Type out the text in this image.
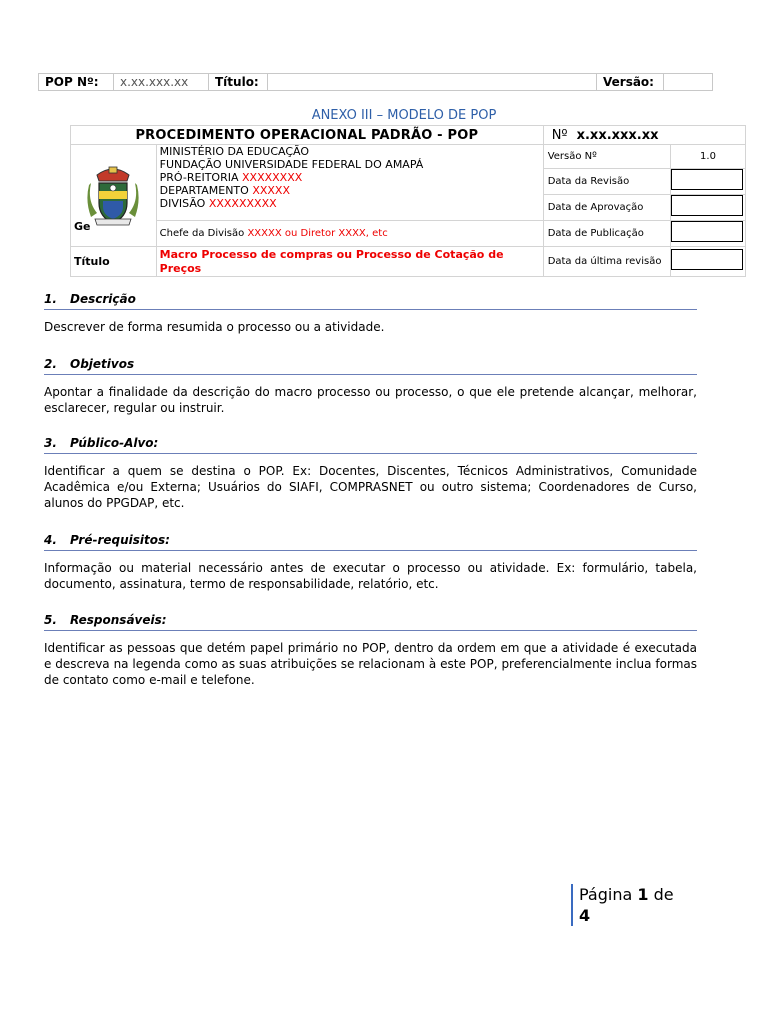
POP Nº:	x.xx.xxx.xx	Título:		Versão:	
ANEXO III – MODELO DE POP
PROCEDIMENTO OPERACIONAL PADRÃO - POP		Nº x.xx.xxx.xx	

MINISTÉRIO DA EDUCAÇÃO
FUNDAÇÃO UNIVERSIDADE FEDERAL DO AMAPÁ
PRÓ-REITORIA XXXXXXXX
DEPARTAMENTO XXXXX
DIVISÃO XXXXXXXXX	Versão Nº	1.0
		Data da Revisão	
		Data de Aprovação	
	Chefe da Divisão XXXXX ou Diretor XXXX, etc	Data de Publicação	
Título	Macro Processo de compras ou Processo de Cotação de Preços	Data da última revisão	
Ge
1. Descrição

Descrever de forma resumida o processo ou a atividade.

2. Objetivos

Apontar a finalidade da descrição do macro processo ou processo, o que ele pretende alcançar, melhorar, esclarecer, regular ou instruir.

3. Público-Alvo:

Identificar a quem se destina o POP. Ex: Docentes, Discentes, Técnicos Administrativos, Comunidade Acadêmica e/ou Externa; Usuários do SIAFI, COMPRASNET ou outro sistema; Coordenadores de Curso, alunos do PPGDAP, etc.

4. Pré-requisitos:

Informação ou material necessário antes de executar o processo ou atividade. Ex: formulário, tabela, documento, assinatura, termo de responsabilidade, relatório, etc.

5. Responsáveis:

Identificar as pessoas que detém papel primário no POP, dentro da ordem em que a atividade é executada e descreva na legenda como as suas atribuições se relacionam à este POP, preferencialmente inclua formas de contato como e-mail e telefone.

Página 1 de
4
